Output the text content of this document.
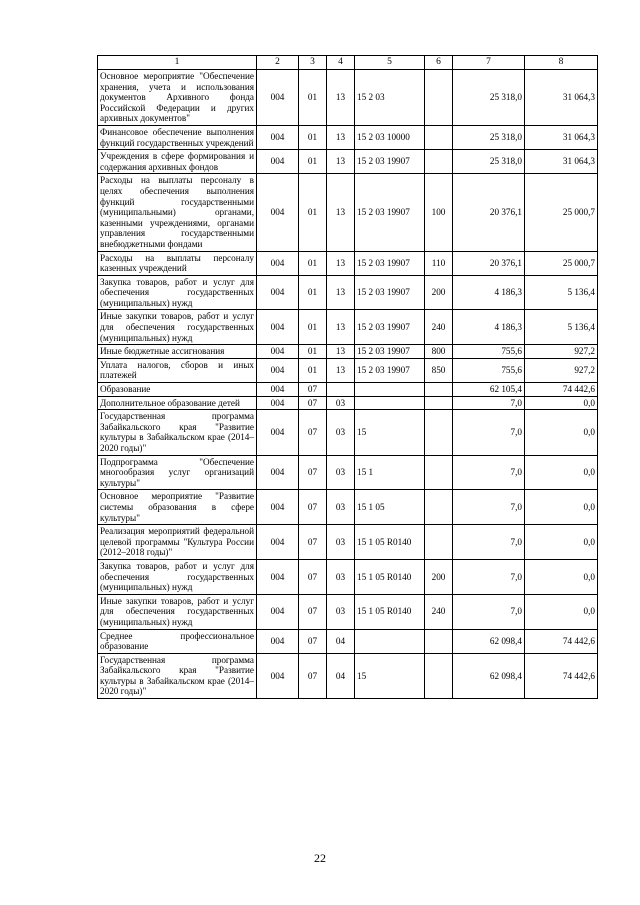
1	2	3	4	5	6	7	8
Основное мероприятие "Обеспечение хранения, учета и использования документов Архивного фонда Российской Федерации и других архивных документов"	004	01	13	15 2 03		25 318,0	31 064,3
Финансовое обеспечение выполнения функций государственных учреждений	004	01	13	15 2 03 10000		25 318,0	31 064,3
Учреждения в сфере формирования и содержания архивных фондов	004	01	13	15 2 03 19907		25 318,0	31 064,3
Расходы на выплаты персоналу в целях обеспечения выполнения функций государственными (муниципальными) органами, казенными учреждениями, органами управления государственными внебюджетными фондами	004	01	13	15 2 03 19907	100	20 376,1	25 000,7
Расходы на выплаты персоналу казенных учреждений	004	01	13	15 2 03 19907	110	20 376,1	25 000,7
Закупка товаров, работ и услуг для обеспечения государственных (муниципальных) нужд	004	01	13	15 2 03 19907	200	4 186,3	5 136,4
Иные закупки товаров, работ и услуг для обеспечения государственных (муниципальных) нужд	004	01	13	15 2 03 19907	240	4 186,3	5 136,4
Иные бюджетные ассигнования	004	01	13	15 2 03 19907	800	755,6	927,2
Уплата налогов, сборов и иных платежей	004	01	13	15 2 03 19907	850	755,6	927,2
Образование	004	07				62 105,4	74 442,6
Дополнительное образование детей	004	07	03			7,0	0,0
Государственная программа Забайкальского края "Развитие культуры в Забайкальском крае (2014–2020 годы)"	004	07	03	15		7,0	0,0
Подпрограмма "Обеспечение многообразия услуг организаций культуры"	004	07	03	15 1		7,0	0,0
Основное мероприятие "Развитие системы образования в сфере культуры"	004	07	03	15 1 05		7,0	0,0
Реализация мероприятий федеральной целевой программы "Культура России (2012–2018 годы)"	004	07	03	15 1 05 R0140		7,0	0,0
Закупка товаров, работ и услуг для обеспечения государственных (муниципальных) нужд	004	07	03	15 1 05 R0140	200	7,0	0,0
Иные закупки товаров, работ и услуг для обеспечения государственных (муниципальных) нужд	004	07	03	15 1 05 R0140	240	7,0	0,0
Среднее профессиональное образование	004	07	04			62 098,4	74 442,6
Государственная программа Забайкальского края "Развитие культуры в Забайкальском крае (2014–2020 годы)"	004	07	04	15		62 098,4	74 442,6
22
